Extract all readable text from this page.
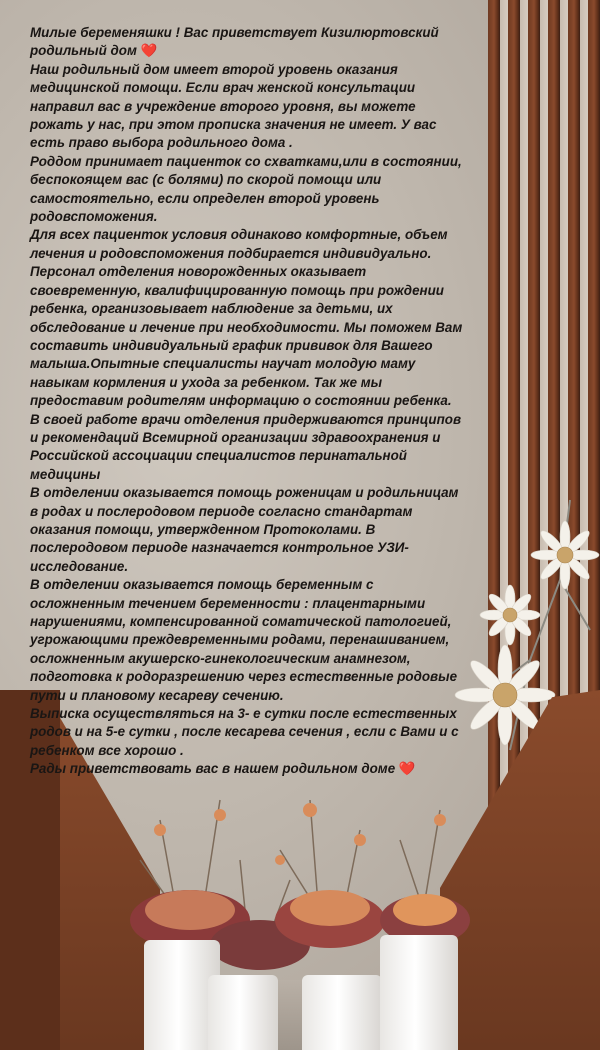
Милые беременяшки ! Вас приветствует Кизилюртовский родильный дом ❤️

Наш родильный дом имеет второй уровень оказания медицинской помощи. Если врач женской консультации направил вас в учреждение второго уровня, вы можете рожать у нас, при этом прописка значения не имеет. У вас есть право выбора родильного дома .

Роддом принимает пациенток со схватками,или в состоянии, беспокоящем вас (с болями) по скорой помощи или самостоятельно, если определен второй уровень родовспоможения.

Для всех пациенток условия одинаково комфортные, объем лечения и родовспоможения подбирается индивидуально.

Персонал отделения новорожденных оказывает своевременную, квалифицированную помощь при рождении ребенка, организовывает наблюдение за детьми, их обследование и лечение при необходимости. Мы поможем Вам составить индивидуальный график прививок для Вашего малыша.Опытные специалисты научат молодую маму навыкам кормления и ухода за ребенком. Так же мы предоставим родителям информацию о состоянии ребенка.

В своей работе врачи отделения придерживаются принципов и рекомендаций Всемирной организации здравоохранения и Российской ассоциации специалистов перинатальной медицины

В отделении оказывается помощь роженицам и родильницам в родах и послеродовом периоде согласно стандартам оказания помощи, утвержденном Протоколами. В послеродовом периоде назначается контрольное УЗИ-исследование.

В отделении оказывается помощь беременным с осложненным течением беременности : плацентарными нарушениями, компенсированной соматической патологией, угрожающими преждевременными родами, перенашиванием, осложненным акушерско-гинекологическим анамнезом, подготовка к родоразрешению через естественные родовые пути и плановому кесареву сечению.

Выписка осуществляться на 3- е сутки после естественных родов и на 5-е сутки , после кесарева сечения , если с Вами и с ребенком все хорошо .

Рады приветствовать вас в нашем родильном доме ❤️
